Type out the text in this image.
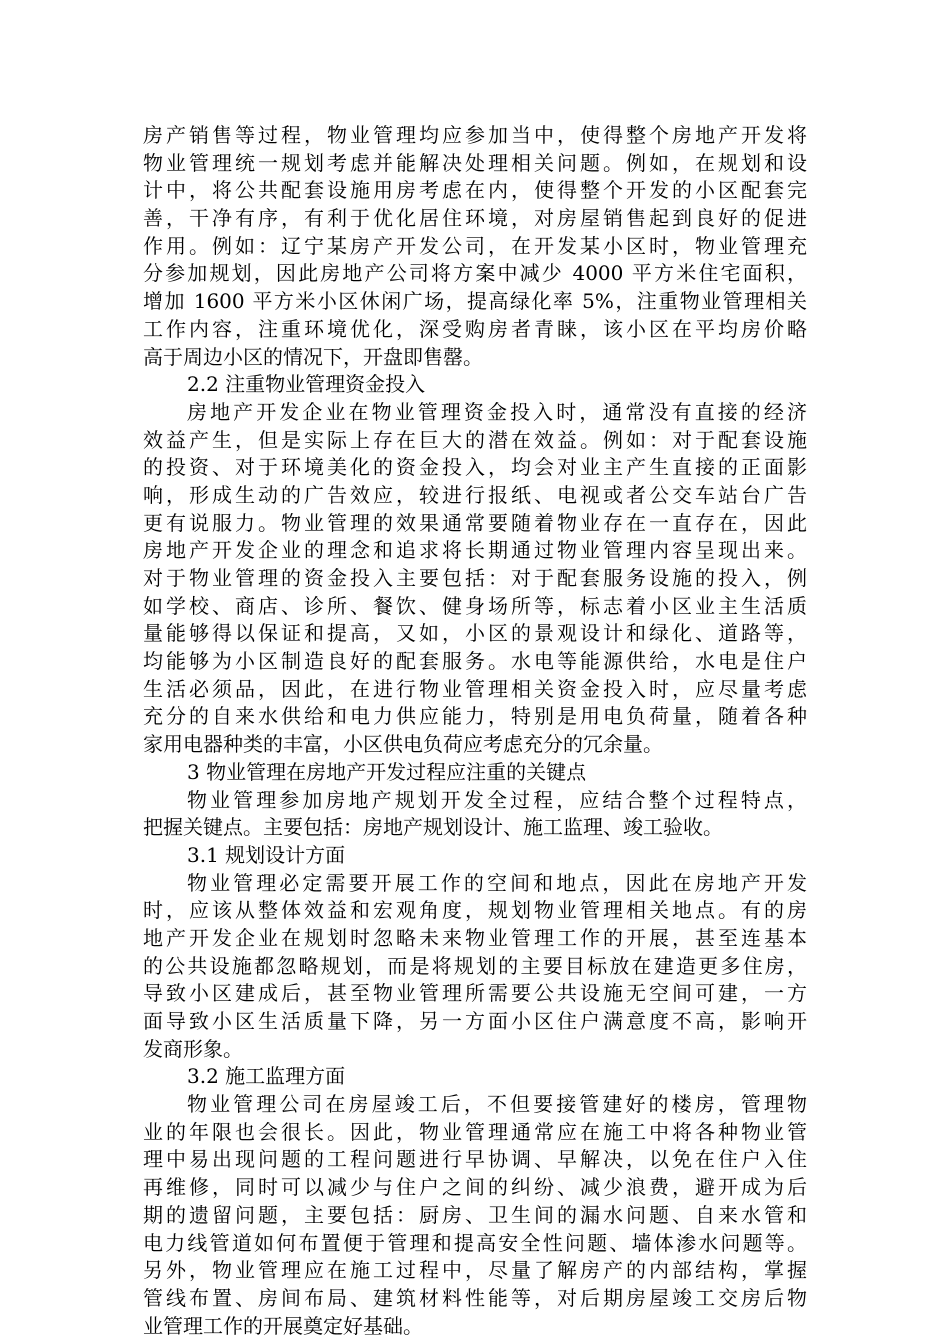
房产销售等过程，物业管理均应参加当中，使得整个房地产开发将
物业管理统一规划考虑并能解决处理相关问题。例如，在规划和设
计中，将公共配套设施用房考虑在内，使得整个开发的小区配套完
善，干净有序，有利于优化居住环境，对房屋销售起到良好的促进
作用。例如：辽宁某房产开发公司，在开发某小区时，物业管理充
分参加规划，因此房地产公司将方案中减少 4000 平方米住宅面积，
增加 1600 平方米小区休闲广场，提高绿化率 5%，注重物业管理相关
工作内容，注重环境优化，深受购房者青睐，该小区在平均房价略
高于周边小区的情况下，开盘即售罄。
2.2 注重物业管理资金投入
房地产开发企业在物业管理资金投入时，通常没有直接的经济
效益产生，但是实际上存在巨大的潜在效益。例如：对于配套设施
的投资、对于环境美化的资金投入，均会对业主产生直接的正面影
响，形成生动的广告效应，较进行报纸、电视或者公交车站台广告
更有说服力。物业管理的效果通常要随着物业存在一直存在，因此
房地产开发企业的理念和追求将长期通过物业管理内容呈现出来。
对于物业管理的资金投入主要包括：对于配套服务设施的投入，例
如学校、商店、诊所、餐饮、健身场所等，标志着小区业主生活质
量能够得以保证和提高，又如，小区的景观设计和绿化、道路等，
均能够为小区制造良好的配套服务。水电等能源供给，水电是住户
生活必须品，因此，在进行物业管理相关资金投入时，应尽量考虑
充分的自来水供给和电力供应能力，特别是用电负荷量，随着各种
家用电器种类的丰富，小区供电负荷应考虑充分的冗余量。
3 物业管理在房地产开发过程应注重的关键点
物业管理参加房地产规划开发全过程，应结合整个过程特点，
把握关键点。主要包括：房地产规划设计、施工监理、竣工验收。
3.1 规划设计方面
物业管理必定需要开展工作的空间和地点，因此在房地产开发
时，应该从整体效益和宏观角度，规划物业管理相关地点。有的房
地产开发企业在规划时忽略未来物业管理工作的开展，甚至连基本
的公共设施都忽略规划，而是将规划的主要目标放在建造更多住房，
导致小区建成后，甚至物业管理所需要公共设施无空间可建，一方
面导致小区生活质量下降，另一方面小区住户满意度不高，影响开
发商形象。
3.2 施工监理方面
物业管理公司在房屋竣工后，不但要接管建好的楼房，管理物
业的年限也会很长。因此，物业管理通常应在施工中将各种物业管
理中易出现问题的工程问题进行早协调、早解决，以免在住户入住
再维修，同时可以减少与住户之间的纠纷、减少浪费，避开成为后
期的遗留问题，主要包括：厨房、卫生间的漏水问题、自来水管和
电力线管道如何布置便于管理和提高安全性问题、墙体渗水问题等。
另外，物业管理应在施工过程中，尽量了解房产的内部结构，掌握
管线布置、房间布局、建筑材料性能等，对后期房屋竣工交房后物
业管理工作的开展奠定好基础。
